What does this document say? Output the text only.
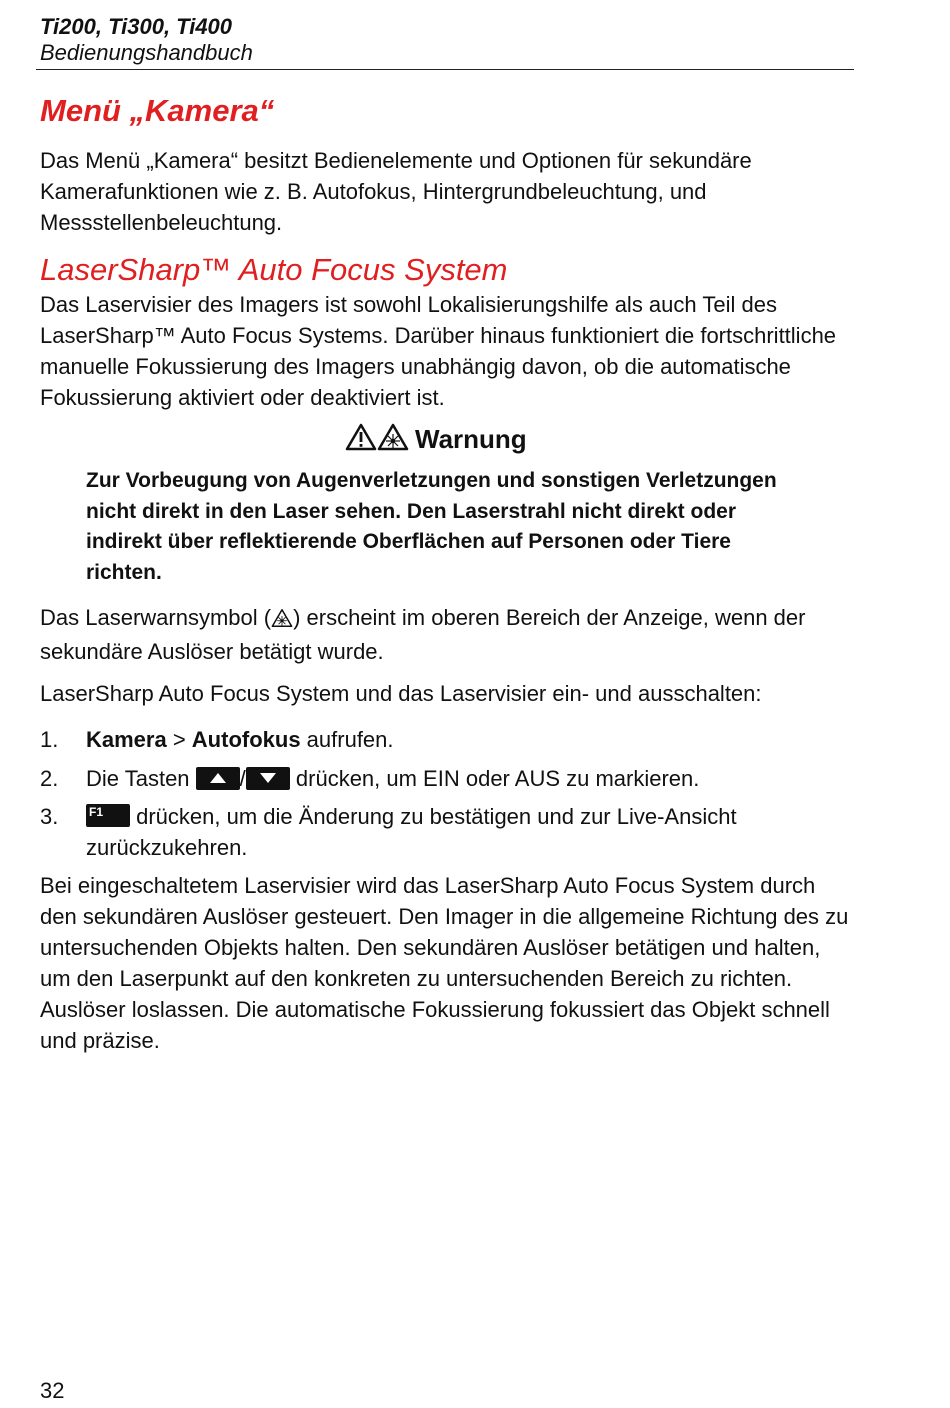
Ti200, Ti300, Ti400
Bedienungshandbuch
Menü „Kamera“

Das Menü „Kamera“ besitzt Bedienelemente und Optionen für sekundäre Kamerafunktionen wie z. B. Autofokus, Hintergrundbeleuchtung, und Messstellenbeleuchtung.

LaserSharp™ Auto Focus System

Das Laservisier des Imagers ist sowohl Lokalisierungshilfe als auch Teil des LaserSharp™ Auto Focus Systems. Darüber hinaus funktioniert die fortschrittliche manuelle Fokussierung des Imagers unabhängig davon, ob die automatische Fokussierung aktiviert oder deaktiviert ist.

Warnung

Zur Vorbeugung von Augenverletzungen und sonstigen Verletzungen nicht direkt in den Laser sehen. Den Laserstrahl nicht direkt oder indirekt über reflektierende Oberflächen auf Personen oder Tiere richten.

Das Laserwarnsymbol ( ) erscheint im oberen Bereich der Anzeige, wenn der sekundäre Auslöser betätigt wurde.

LaserSharp Auto Focus System und das Laservisier ein- und ausschalten:

1. Kamera > Autofokus aufrufen.
2. Die Tasten
/
drücken, um EIN oder AUS zu markieren.
3.	F1 drücken, um die Änderung zu bestätigen und zur Live-Ansicht zurückzukehren.

Bei eingeschaltetem Laservisier wird das LaserSharp Auto Focus System durch den sekundären Auslöser gesteuert. Den Imager in die allgemeine Richtung des zu untersuchenden Objekts halten. Den sekundären Auslöser betätigen und halten, um den Laserpunkt auf den konkreten zu untersuchenden Bereich zu richten. Auslöser loslassen. Die automatische Fokussierung fokussiert das Objekt schnell und präzise.

32
